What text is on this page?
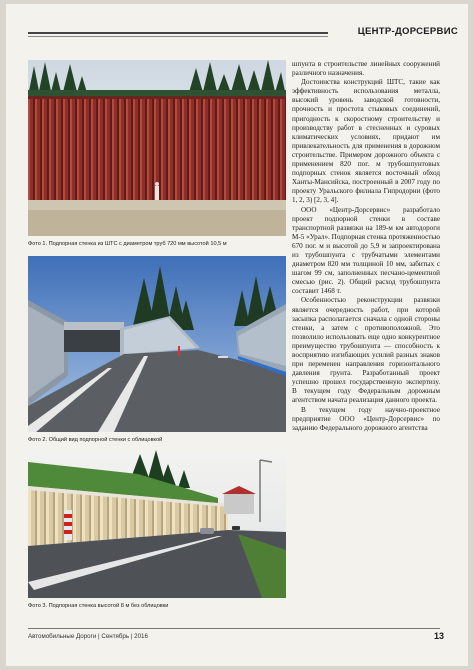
ЦЕНТР-ДОРСЕРВИС
Фото 1. Подпорная стенка из ШТС с диаметром труб 720 мм высотой 10,5 м
Фото 2. Общий вид подпорной стенки с облицовкой
Фото 3. Подпорная стенка высотой 8 м без облицовки

шпунта в строительстве линейных сооружений различного назначения.

Достоинства конструкций ШТС, такие как эффективность использования металла, высокий уровень заводской готовности, прочность и простота стыковых соединений, пригодность к скоростному строительству и производству работ в стесненных и суровых климатических условиях, придают им привлекательность для применения в дорожном строительстве. Примером дорожного объекта с применением 820 пог. м трубошпунтовых подпорных стенок является восточный обход Ханты-Мансийска, построенный в 2007 году по проекту Уральского филиала Гипродорни (фото 1, 2, 3) [2, 3, 4].

ООО «Центр-Дорсервис» разработало проект подпорной стенки в составе транспортной развязки на 189-м км автодороги М-5 «Урал». Подпорная стенка протяженностью 670 пог. м и высотой до 5,9 м запроектирована из трубошпунта с трубчатыми элементами диаметром 820 мм толщиной 10 мм, забитых с шагом 99 см, заполненных песчано-цементной смесью (рис. 2). Общий расход трубошпунта составит 1468 т.

Особенностью реконструкции развязки является очередность работ, при которой засыпка располагается сначала с одной стороны стенки, а затем с противоположной. Это позволило использовать еще одно конкурентное преимущество трубошпунта — способность к восприятию изгибающих усилий разных знаков при переменен направления горизонтального давления грунта. Разработанный проект успешно прошел государственную экспертизу. В текущем году Федеральным дорожным агентством начата реализация данного проекта.

В текущем году научно-проектное предприятие ООО «Центр-Дорсервис» по заданию Федерального дорожного агентства

Автомобильные Дороги | Сентябрь | 2016	13
